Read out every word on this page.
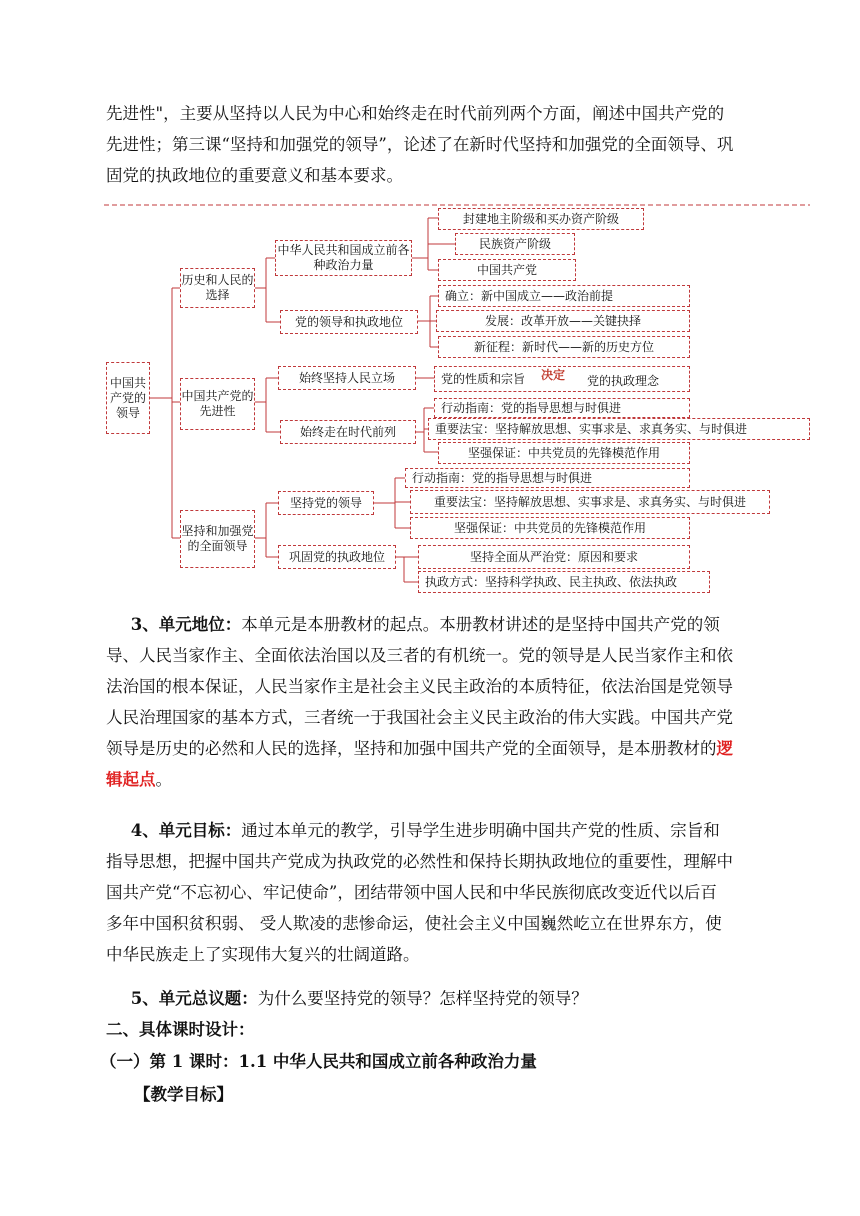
先进性"，主要从坚持以人民为中心和始终走在时代前列两个方面，阐述中国共产党的
先进性；第三课“坚持和加强党的领导”，论述了在新时代坚持和加强党的全面领导、巩
固党的执政地位的重要意义和基本要求。
中国共产党的领导
历史和人民的选择
中国共产党的先进性
坚持和加强党的全面领导
中华人民共和国成立前各种政治力量
党的领导和执政地位
始终坚持人民立场
始终走在时代前列
坚持党的领导
巩固党的执政地位
封建地主阶级和买办资产阶级
民族资产阶级
中国共产党
确立：新中国成立——政治前提
发展：改革开放——关键抉择
新征程：新时代——新的历史方位
党的性质和宗旨 决定 党的执政理念
行动指南：党的指导思想与时俱进
重要法宝：坚持解放思想、实事求是、求真务实、与时俱进
坚强保证：中共党员的先锋模范作用
行动指南：党的指导思想与时俱进
重要法宝：坚持解放思想、实事求是、求真务实、与时俱进
坚强保证：中共党员的先锋模范作用
坚持全面从严治党：原因和要求
执政方式：坚持科学执政、民主执政、依法执政
  3、单元地位：本单元是本册教材的起点。本册教材讲述的是坚持中国共产党的领
导、人民当家作主、全面依法治国以及三者的有机统一。党的领导是人民当家作主和依
法治国的根本保证，人民当家作主是社会主义民主政治的本质特征，依法治国是党领导
人民治理国家的基本方式，三者统一于我国社会主义民主政治的伟大实践。中国共产党
领导是历史的必然和人民的选择，坚持和加强中国共产党的全面领导，是本册教材的逻
辑起点。
  4、单元目标：通过本单元的教学，引导学生进步明确中国共产党的性质、宗旨和
指导思想，把握中国共产党成为执政党的必然性和保持长期执政地位的重要性，理解中
国共产党“不忘初心、牢记使命”，团结带领中国人民和中华民族彻底改变近代以后百
多年中国积贫积弱、 受人欺凌的悲惨命运，使社会主义中国巍然屹立在世界东方，使
中华民族走上了实现伟大复兴的壮阔道路。
  5、单元总议题：为什么要坚持党的领导？怎样坚持党的领导？
二、具体课时设计：
（一）第 1 课时：1.1 中华人民共和国成立前各种政治力量
【教学目标】
